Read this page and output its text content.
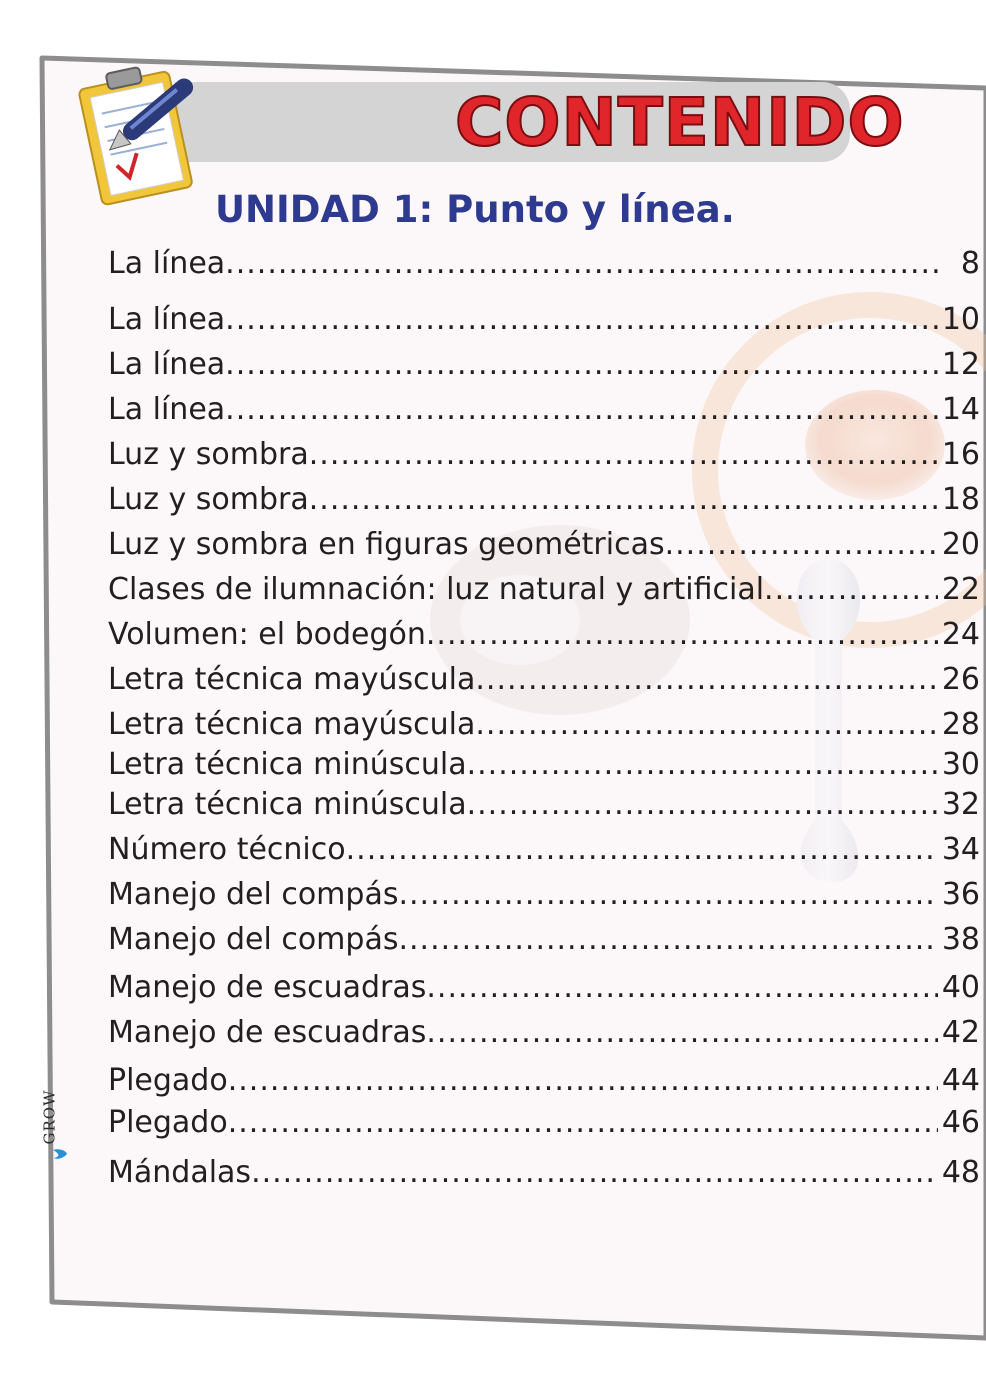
CONTENIDO
UNIDAD 1: Punto y línea.
La línea .....	8
La línea .....	10
La línea .....	12
La línea .....	14
Luz y sombra .....	16
Luz y sombra .....	18
Luz y sombra en figuras geométricas .....	20
Clases de ilumnación: luz natural y artificial .....	22
Volumen: el bodegón .....	24
Letra técnica mayúscula .....	26
Letra técnica mayúscula .....	28
Letra técnica minúscula .....	30
Letra técnica minúscula .....	32
Número técnico .....	34
Manejo del compás .....	36
Manejo del compás .....	38
Manejo de escuadras .....	40
Manejo de escuadras .....	42
Plegado .....	44
Plegado .....	46
Mándalas .....	48
GROW
